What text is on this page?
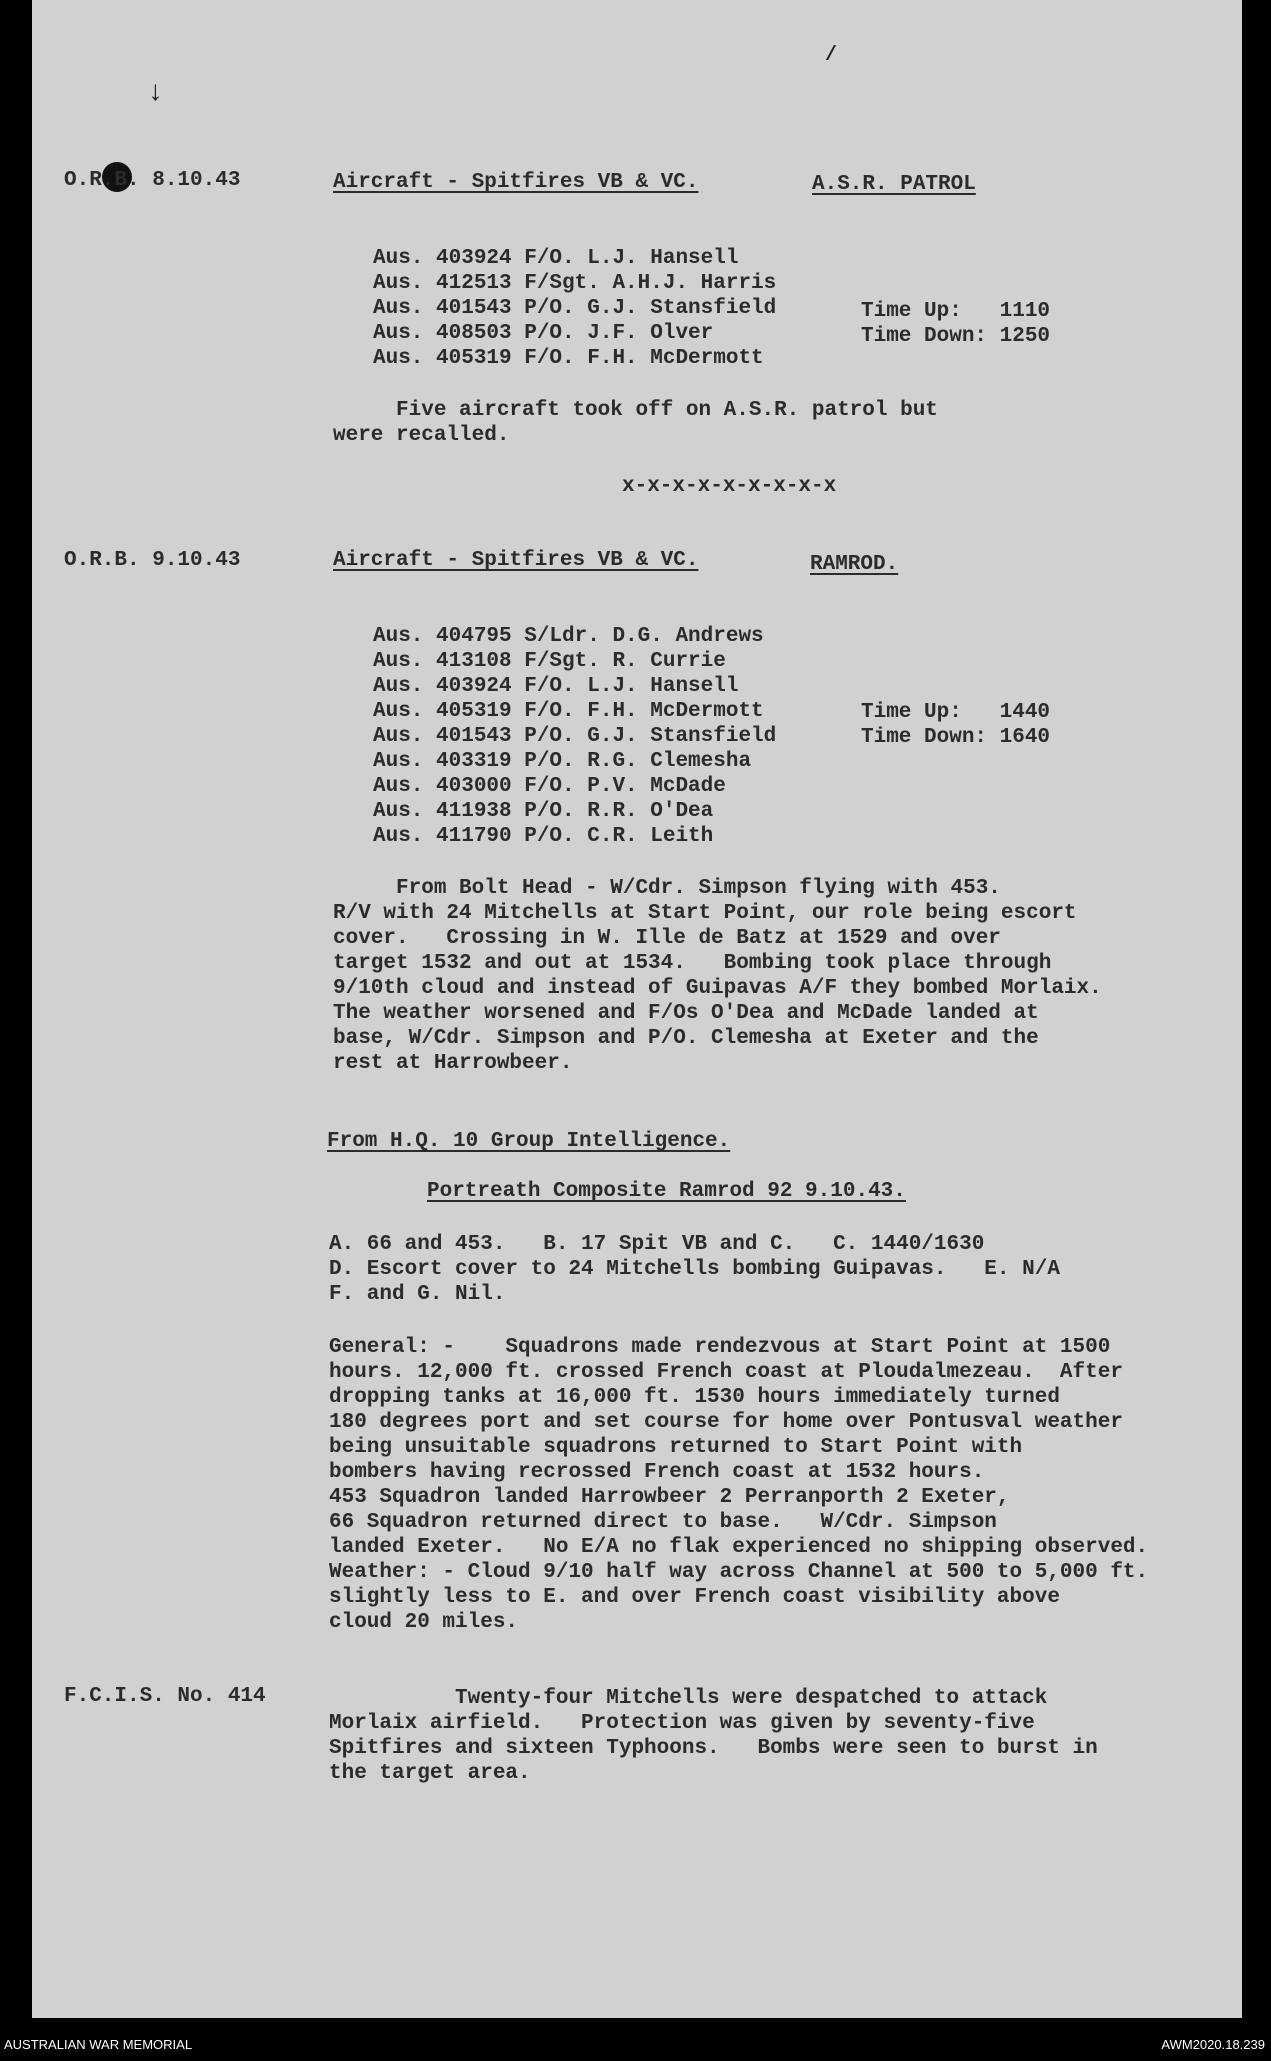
↓
/
O.R.B. 8.10.43	Aircraft - Spitfires VB & VC.	A.S.R. PATROL
Aus. 403924 F/O. L.J. Hansell
Aus. 412513 F/Sgt. A.H.J. Harris
Aus. 401543 P/O. G.J. Stansfield
Aus. 408503 P/O. J.F. Olver
Aus. 405319 F/O. F.H. McDermott
Time Up:   1110
Time Down: 1250
Five aircraft took off on A.S.R. patrol but
were recalled.
x-x-x-x-x-x-x-x-x
O.R.B. 9.10.43	Aircraft - Spitfires VB & VC.	RAMROD.
Aus. 404795 S/Ldr. D.G. Andrews
Aus. 413108 F/Sgt. R. Currie
Aus. 403924 F/O. L.J. Hansell
Aus. 405319 F/O. F.H. McDermott
Aus. 401543 P/O. G.J. Stansfield
Aus. 403319 P/O. R.G. Clemesha
Aus. 403000 F/O. P.V. McDade
Aus. 411938 P/O. R.R. O'Dea
Aus. 411790 P/O. C.R. Leith
Time Up:   1440
Time Down: 1640
From Bolt Head - W/Cdr. Simpson flying with 453.
R/V with 24 Mitchells at Start Point, our role being escort
cover.   Crossing in W. Ille de Batz at 1529 and over
target 1532 and out at 1534.   Bombing took place through
9/10th cloud and instead of Guipavas A/F they bombed Morlaix.
The weather worsened and F/Os O'Dea and McDade landed at
base, W/Cdr. Simpson and P/O. Clemesha at Exeter and the
rest at Harrowbeer.
From H.Q. 10 Group Intelligence.
Portreath Composite Ramrod 92 9.10.43.
A. 66 and 453.   B. 17 Spit VB and C.   C. 1440/1630
D. Escort cover to 24 Mitchells bombing Guipavas.   E. N/A
F. and G. Nil.
General: -    Squadrons made rendezvous at Start Point at 1500
hours. 12,000 ft. crossed French coast at Ploudalmezeau.  After
dropping tanks at 16,000 ft. 1530 hours immediately turned
180 degrees port and set course for home over Pontusval weather
being unsuitable squadrons returned to Start Point with
bombers having recrossed French coast at 1532 hours.
453 Squadron landed Harrowbeer 2 Perranporth 2 Exeter,
66 Squadron returned direct to base.   W/Cdr. Simpson
landed Exeter.   No E/A no flak experienced no shipping observed.
Weather: - Cloud 9/10 half way across Channel at 500 to 5,000 ft.
slightly less to E. and over French coast visibility above
cloud 20 miles.
F.C.I.S. No. 414	Twenty-four Mitchells were despatched to attack
Morlaix airfield.   Protection was given by seventy-five
Spitfires and sixteen Typhoons.   Bombs were seen to burst in
the target area.
AUSTRALIAN WAR MEMORIAL	AWM2020.18.239
